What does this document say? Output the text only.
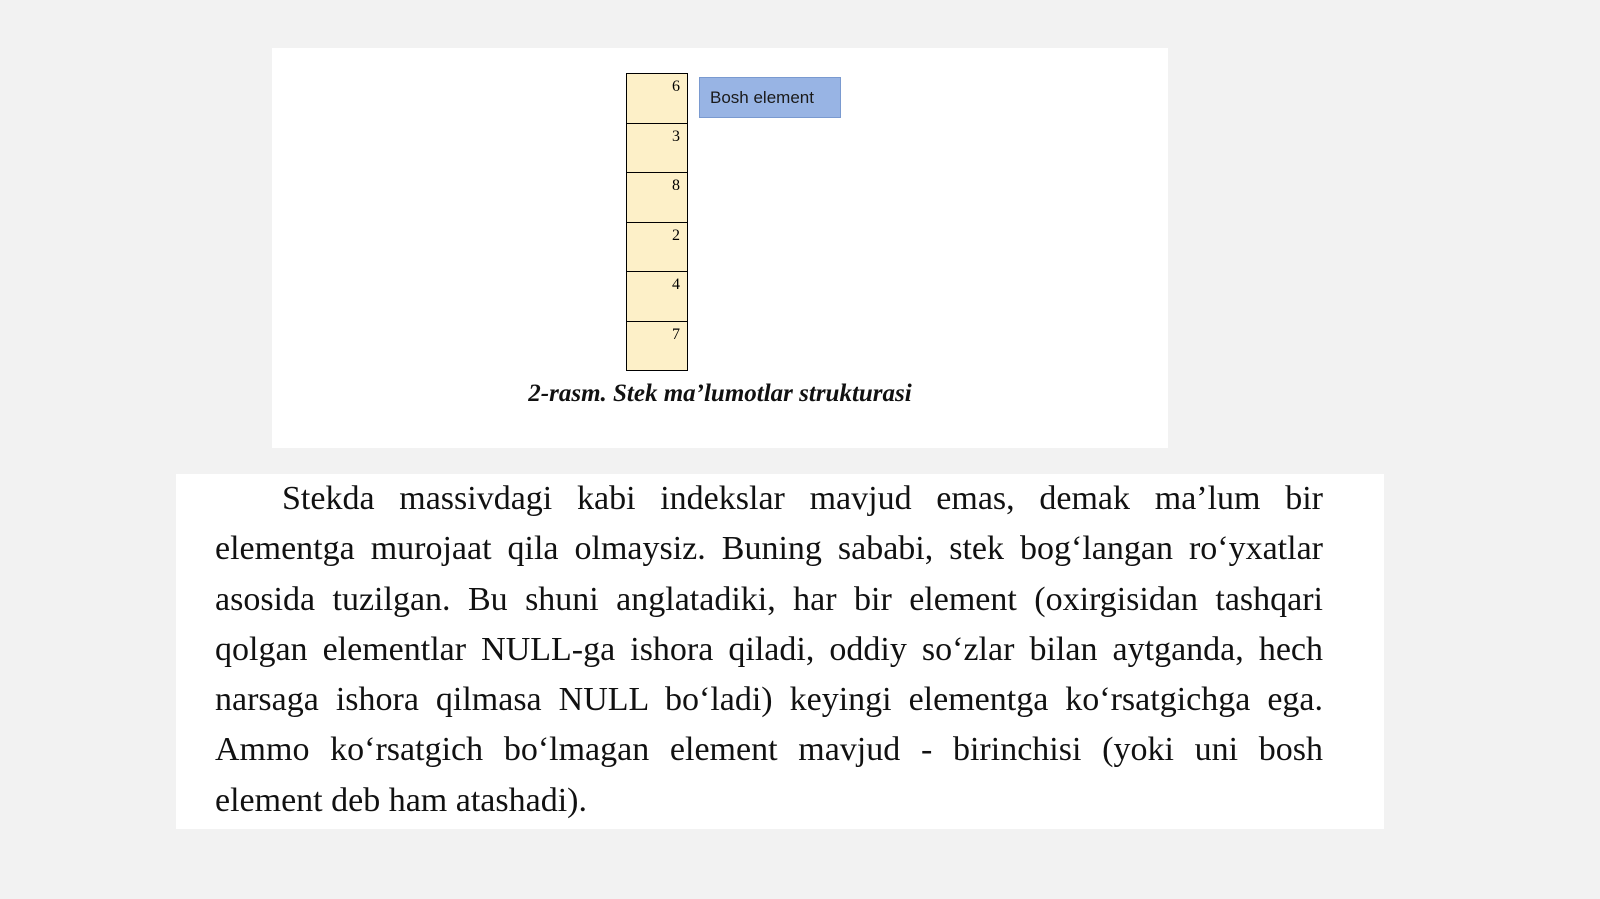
6
3
8
2
4
7
Bosh element
2-rasm. Stek ma’lumotlar strukturasi

Stekda massivdagi kabi indekslar mavjud emas, demak ma’lum bir elementga murojaat qila olmaysiz. Buning sababi, stek bog‘langan ro‘yxatlar asosida tuzilgan. Bu shuni anglatadiki, har bir element (oxirgisidan tashqari qolgan elementlar NULL-ga ishora qiladi, oddiy so‘zlar bilan aytganda, hech narsaga ishora qilmasa NULL bo‘ladi) keyingi elementga ko‘rsatgichga ega. Ammo ko‘rsatgich bo‘lmagan element mavjud - birinchisi (yoki uni bosh element deb ham atashadi).
